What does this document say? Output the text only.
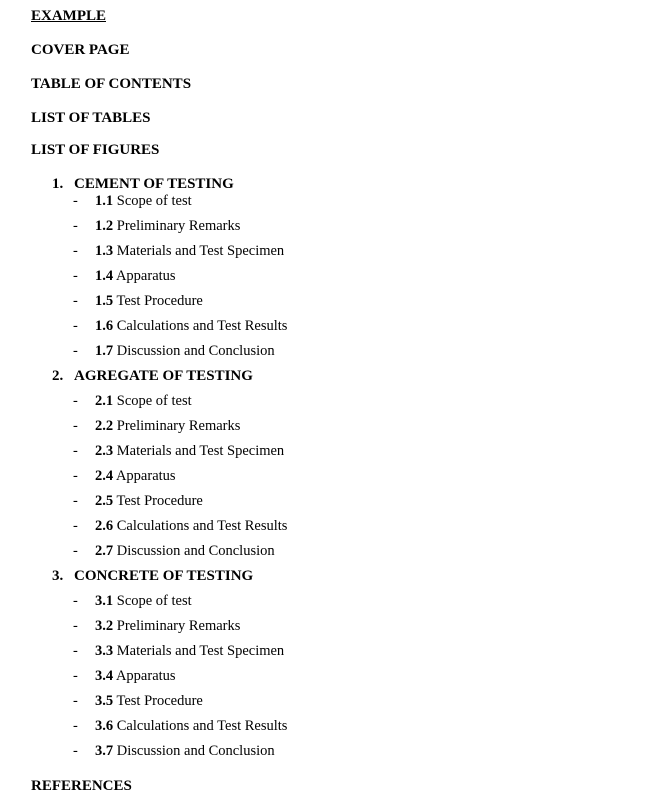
EXAMPLE
COVER PAGE
TABLE OF CONTENTS
LIST OF TABLES
LIST OF FIGURES
1. CEMENT OF TESTING
- 1.1 Scope of test
- 1.2 Preliminary Remarks
- 1.3 Materials and Test Specimen
- 1.4 Apparatus
- 1.5 Test Procedure
- 1.6 Calculations and Test Results
- 1.7 Discussion and Conclusion
2. AGREGATE OF TESTING
- 2.1 Scope of test
- 2.2 Preliminary Remarks
- 2.3 Materials and Test Specimen
- 2.4 Apparatus
- 2.5 Test Procedure
- 2.6 Calculations and Test Results
- 2.7 Discussion and Conclusion
3. CONCRETE OF TESTING
- 3.1 Scope of test
- 3.2 Preliminary Remarks
- 3.3 Materials and Test Specimen
- 3.4 Apparatus
- 3.5 Test Procedure
- 3.6 Calculations and Test Results
- 3.7 Discussion and Conclusion
REFERENCES
